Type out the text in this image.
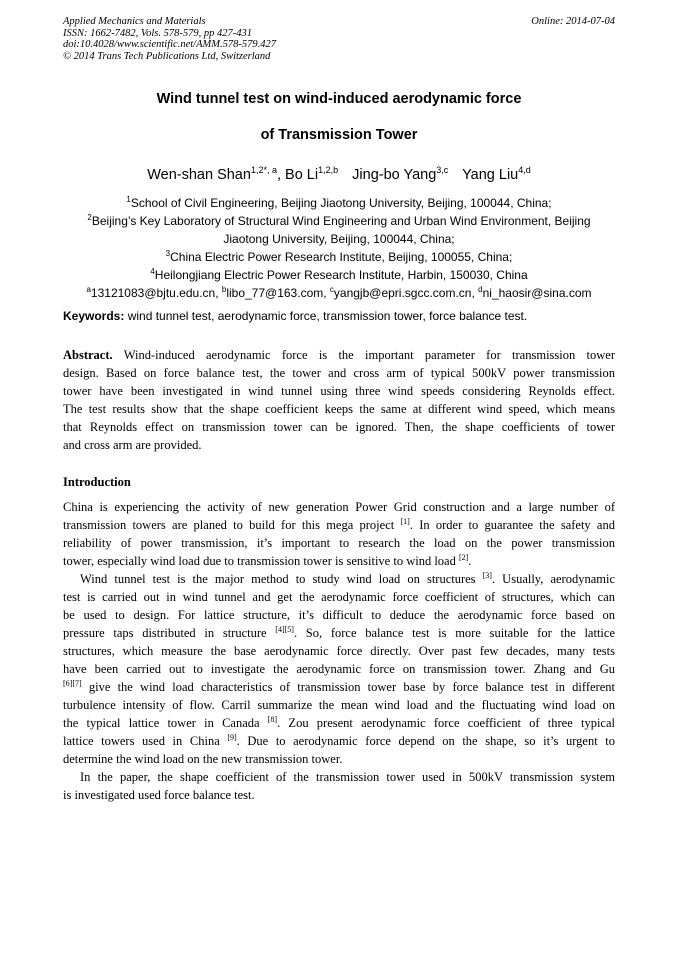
Applied Mechanics and Materials
ISSN: 1662-7482, Vols. 578-579, pp 427-431
doi:10.4028/www.scientific.net/AMM.578-579.427
© 2014 Trans Tech Publications Ltd, Switzerland
Online: 2014-07-04
Wind tunnel test on wind-induced aerodynamic force
of Transmission Tower
Wen-shan Shan$^{1,2*, a}$, Bo Li$^{1,2,b}$ Jing-bo Yang$^{3,c}$ Yang Liu$^{4,d}$
$^1$School of Civil Engineering, Beijing Jiaotong University, Beijing, 100044, China;
$^2$Beijing’s Key Laboratory of Structural Wind Engineering and Urban Wind Environment, Beijing
Jiaotong University, Beijing, 100044, China;
$^3$China Electric Power Research Institute, Beijing, 100055, China;
$^4$Heilongjiang Electric Power Research Institute, Harbin, 150030, China
$^a$13121083@bjtu.edu.cn, $^b$libo_77@163.com, $^c$yangjb@epri.sgcc.com.cn, $^d$ni_haosir@sina.com
Keywords: wind tunnel test, aerodynamic force, transmission tower, force balance test.
Abstract. Wind-induced aerodynamic force is the important parameter for transmission tower
design. Based on force balance test, the tower and cross arm of typical 500kV power transmission
tower have been investigated in wind tunnel using three wind speeds considering Reynolds effect.
The test results show that the shape coefficient keeps the same at different wind speed, which means
that Reynolds effect on transmission tower can be ignored. Then, the shape coefficients of tower
and cross arm are provided.
Introduction
China is experiencing the activity of new generation Power Grid construction and a large number of
transmission towers are planed to build for this mega project [1]. In order to guarantee the safety and
reliability of power transmission, it’s important to research the load on the power transmission
tower, especially wind load due to transmission tower is sensitive to wind load [2].
Wind tunnel test is the major method to study wind load on structures [3]. Usually, aerodynamic
test is carried out in wind tunnel and get the aerodynamic force coefficient of structures, which can
be used to design. For lattice structure, it’s difficult to deduce the aerodynamic force based on
pressure taps distributed in structure [4][5]. So, force balance test is more suitable for the lattice
structures, which measure the base aerodynamic force directly. Over past few decades, many tests
have been carried out to investigate the aerodynamic force on transmission tower. Zhang and Gu
[6][7] give the wind load characteristics of transmission tower base by force balance test in different
turbulence intensity of flow. Carril summarize the mean wind load and the fluctuating wind load on
the typical lattice tower in Canada [8]. Zou present aerodynamic force coefficient of three typical
lattice towers used in China [9]. Due to aerodynamic force depend on the shape, so it’s urgent to
determine the wind load on the new transmission tower.
In the paper, the shape coefficient of the transmission tower used in 500kV transmission system
is investigated used force balance test.
